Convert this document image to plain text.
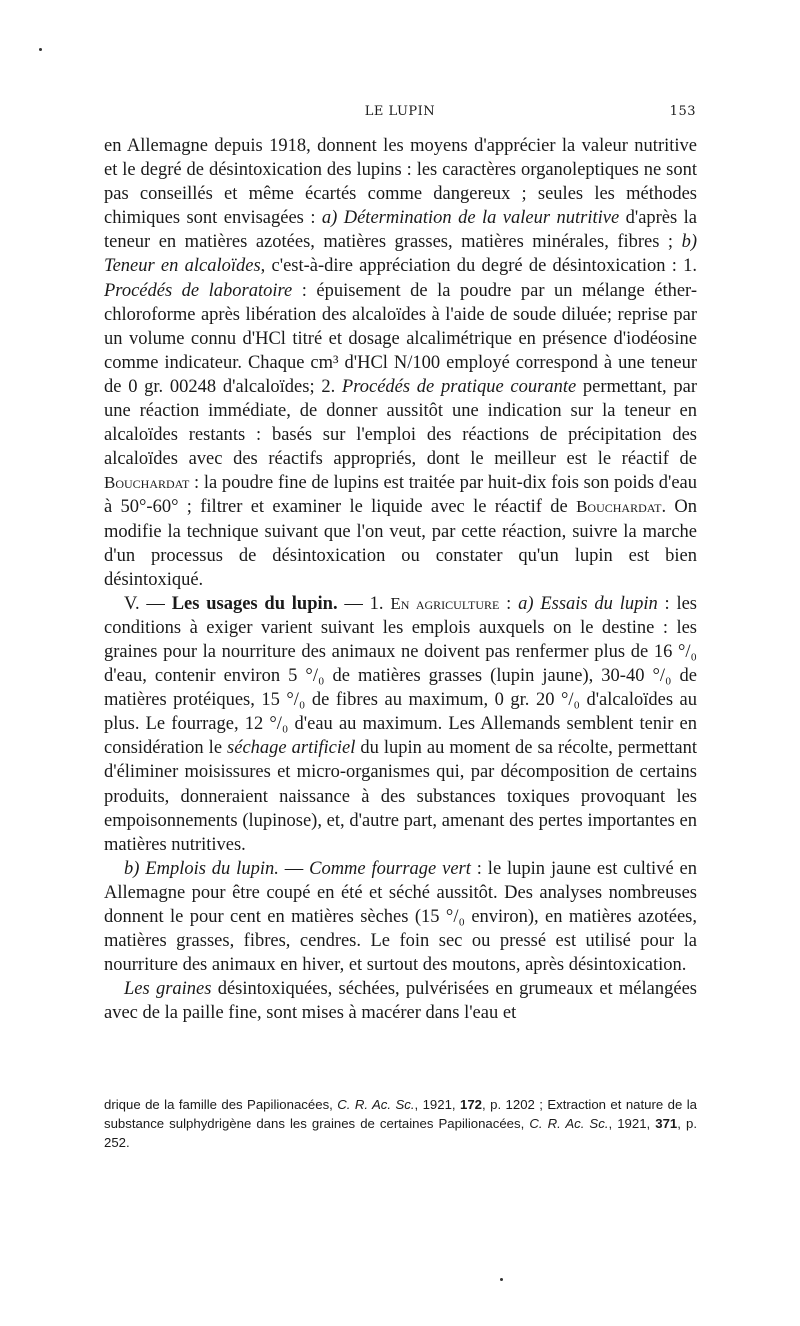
LE LUPIN	153

en Allemagne depuis 1918, donnent les moyens d'apprécier la valeur nutritive et le degré de désintoxication des lupins : les caractères organoleptiques ne sont pas conseillés et même écartés comme dangereux ; seules les méthodes chimiques sont envisagées : a) Détermination de la valeur nutritive d'après la teneur en matières azotées, matières grasses, matières minérales, fibres ; b) Teneur en alcaloïdes, c'est-à-dire appréciation du degré de désintoxication : 1. Procédés de laboratoire : épuisement de la poudre par un mélange éther-chloroforme après libération des alcaloïdes à l'aide de soude diluée; reprise par un volume connu d'HCl titré et dosage alcalimétrique en présence d'iodéosine comme indicateur. Chaque cm³ d'HCl N/100 employé correspond à une teneur de 0 gr. 00248 d'alcaloïdes; 2. Procédés de pratique courante permettant, par une réaction immédiate, de donner aussitôt une indication sur la teneur en alcaloïdes restants : basés sur l'emploi des réactions de précipitation des alcaloïdes avec des réactifs appropriés, dont le meilleur est le réactif de Bouchardat : la poudre fine de lupins est traitée par huit-dix fois son poids d'eau à 50°-60° ; filtrer et examiner le liquide avec le réactif de Bouchardat. On modifie la technique suivant que l'on veut, par cette réaction, suivre la marche d'un processus de désintoxication ou constater qu'un lupin est bien désintoxiqué.

V. — Les usages du lupin. — 1. En agriculture : a) Essais du lupin : les conditions à exiger varient suivant les emplois auxquels on le destine : les graines pour la nourriture des animaux ne doivent pas renfermer plus de 16 °/₀ d'eau, contenir environ 5 °/₀ de matières grasses (lupin jaune), 30-40 °/₀ de matières protéiques, 15 °/₀ de fibres au maximum, 0 gr. 20 °/₀ d'alcaloïdes au plus. Le fourrage, 12 °/₀ d'eau au maximum. Les Allemands semblent tenir en considération le séchage artificiel du lupin au moment de sa récolte, permettant d'éliminer moisissures et micro-organismes qui, par décomposition de certains produits, donneraient naissance à des substances toxiques provoquant les empoisonnements (lupinose), et, d'autre part, amenant des pertes importantes en matières nutritives.

b) Emplois du lupin. — Comme fourrage vert : le lupin jaune est cultivé en Allemagne pour être coupé en été et séché aussitôt. Des analyses nombreuses donnent le pour cent en matières sèches (15 °/₀ environ), en matières azotées, matières grasses, fibres, cendres. Le foin sec ou pressé est utilisé pour la nourriture des animaux en hiver, et surtout des moutons, après désintoxication.

Les graines désintoxiquées, séchées, pulvérisées en grumeaux et mélangées avec de la paille fine, sont mises à macérer dans l'eau et

drique de la famille des Papilionacées, C. R. Ac. Sc., 1921, 172, p. 1202 ; Extraction et nature de la substance sulphydrigène dans les graines de certaines Papilionacées, C. R. Ac. Sc., 1921, 371, p. 252.
